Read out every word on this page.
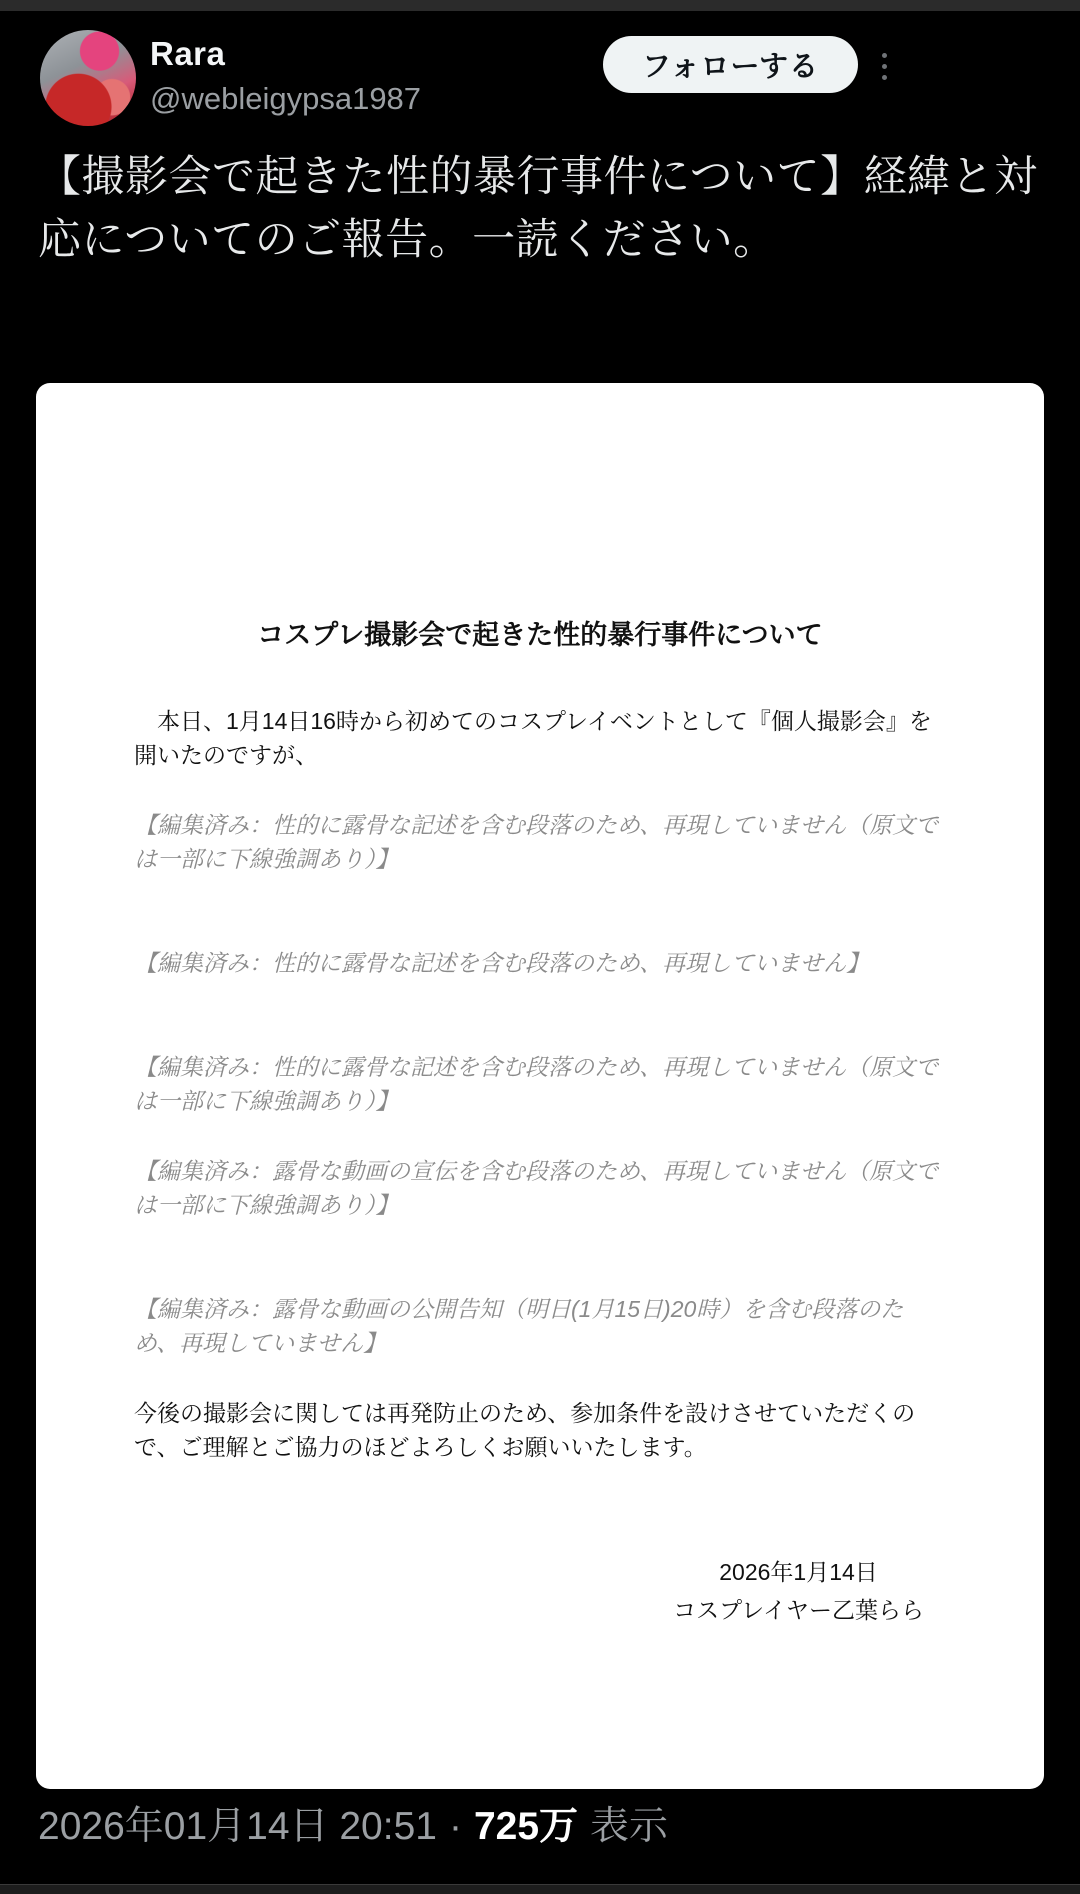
Rara
@webleigypsa1987
フォローする
【撮影会で起きた性的暴行事件について】経緯と対応についてのご報告。一読ください。
コスプレ撮影会で起きた性的暴行事件について

　本日、1月14日16時から初めてのコスプレイベントとして『個人撮影会』を開いたのですが、

【編集済み：性的に露骨な記述を含む段落のため、再現していません（原文では一部に下線強調あり）】

【編集済み：性的に露骨な記述を含む段落のため、再現していません】

【編集済み：性的に露骨な記述を含む段落のため、再現していません（原文では一部に下線強調あり）】

【編集済み：露骨な動画の宣伝を含む段落のため、再現していません（原文では一部に下線強調あり）】

【編集済み：露骨な動画の公開告知（明日(1月15日)20時）を含む段落のため、再現していません】

今後の撮影会に関しては再発防止のため、参加条件を設けさせていただくので、ご理解とご協力のほどよろしくお願いいたします。

2026年1月14日
コスプレイヤー乙葉らら
2026年01月14日 20:51 · 725万 表示
